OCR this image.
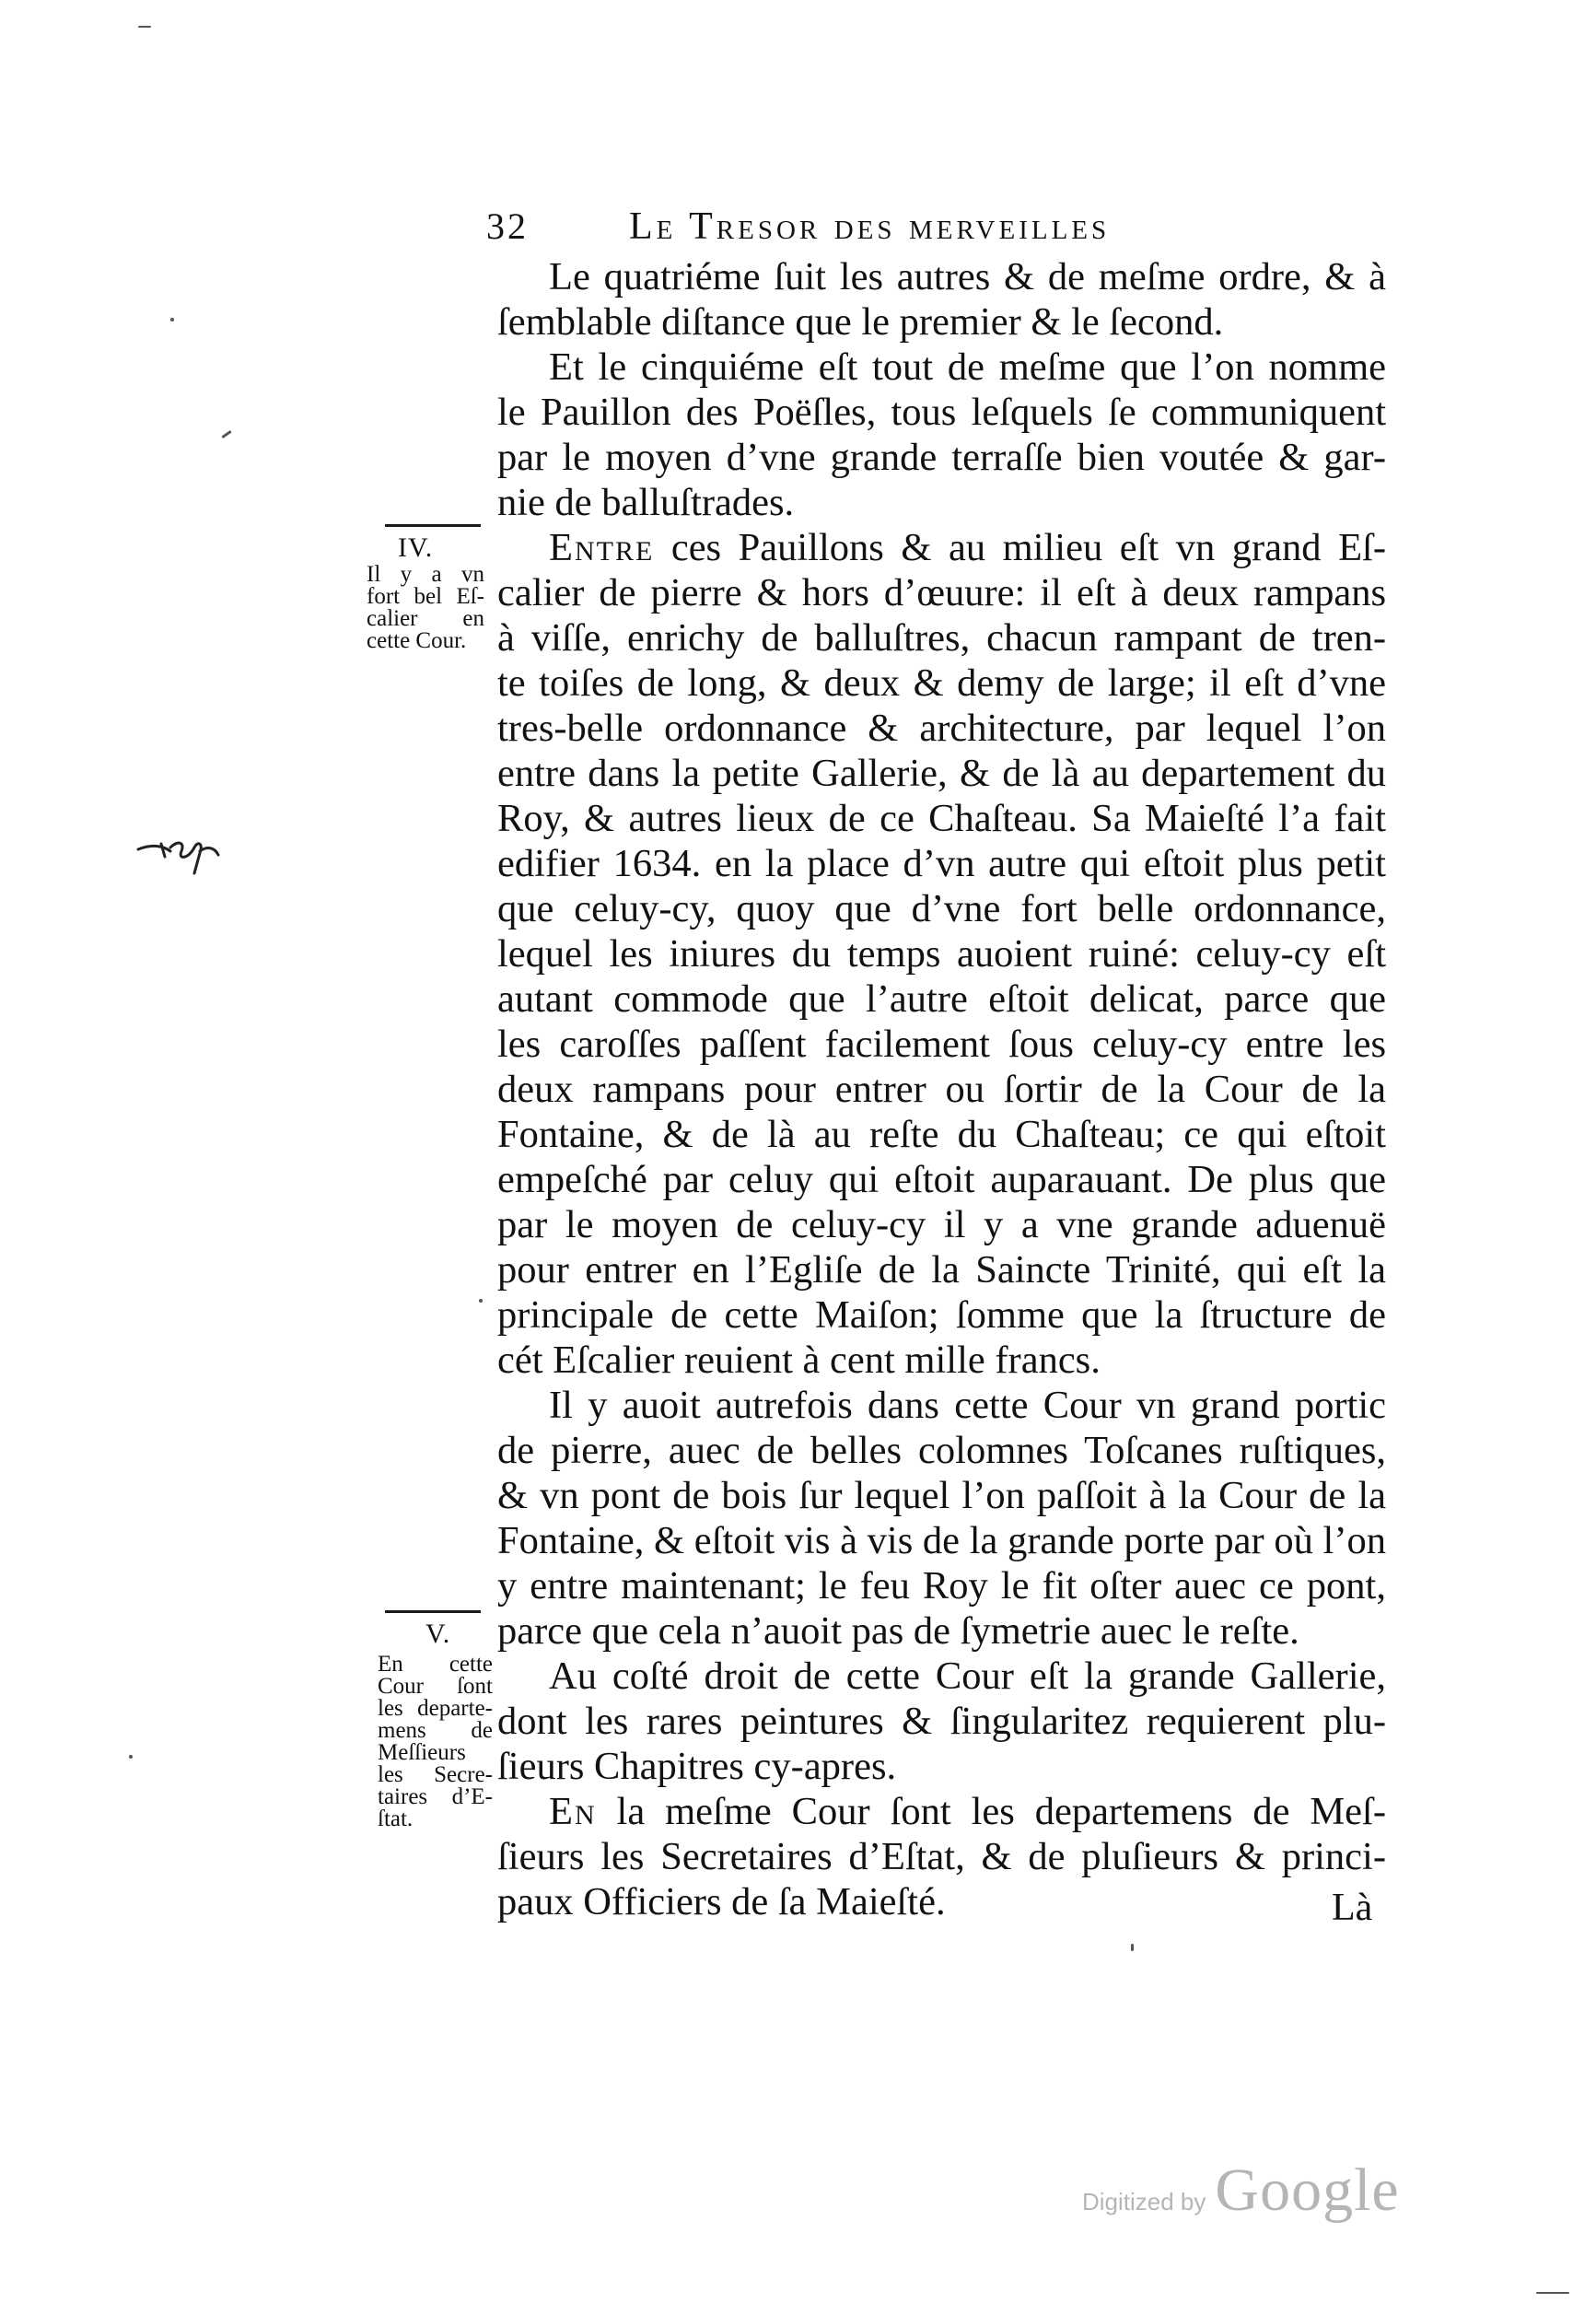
32	Le Tresor des merveilles
Le quatriéme ſuit les autres & de meſme ordre, & à
ſemblable diſtance que le premier & le ſecond.
Et le cinquiéme eſt tout de meſme que l’on nomme
le Pauillon des Poëſles, tous leſquels ſe communiquent
par le moyen d’vne grande terraſſe bien voutée & gar-
nie de balluſtrades.
Entre ces Pauillons & au milieu eſt vn grand Eſ-
calier de pierre & hors d’œuure: il eſt à deux rampans
à viſſe, enrichy de balluſtres, chacun rampant de tren-
te toiſes de long, & deux & demy de large; il eſt d’vne
tres-belle ordonnance & architecture, par lequel l’on
entre dans la petite Gallerie, & de là au departement du
Roy, & autres lieux de ce Chaſteau. Sa Maieſté l’a fait
edifier 1634. en la place d’vn autre qui eſtoit plus petit
que celuy-cy, quoy que d’vne fort belle ordonnance,
lequel les iniures du temps auoient ruiné: celuy-cy eſt
autant commode que l’autre eſtoit delicat, parce que
les caroſſes paſſent facilement ſous celuy-cy entre les
deux rampans pour entrer ou ſortir de la Cour de la
Fontaine, & de là au reſte du Chaſteau; ce qui eſtoit
empeſché par celuy qui eſtoit auparauant. De plus que
par le moyen de celuy-cy il y a vne grande aduenuë
pour entrer en l’Egliſe de la Saincte Trinité, qui eſt la
principale de cette Maiſon; ſomme que la ſtructure de
cét Eſcalier reuient à cent mille francs.
Il y auoit autrefois dans cette Cour vn grand portic
de pierre, auec de belles colomnes Toſcanes ruſtiques,
& vn pont de bois ſur lequel l’on paſſoit à la Cour de la
Fontaine, & eſtoit vis à vis de la grande porte par où l’on
y entre maintenant; le feu Roy le fit oſter auec ce pont,
parce que cela n’auoit pas de ſymetrie auec le reſte.
Au coſté droit de cette Cour eſt la grande Gallerie,
dont les rares peintures & ſingularitez requierent plu-
ſieurs Chapitres cy-apres.
En la meſme Cour ſont les departemens de Meſ-
ſieurs les Secretaires d’Eſtat, & de pluſieurs & princi-
paux Officiers de ſa Maieſté.
IV.
Il y a vn
fort bel Eſ-
calier en
cette Cour.
V.
En cette
Cour ſont
les departe-
mens de
Meſſieurs
les Secre-
taires d’E-
ſtat.
Là
Digitized by Google
